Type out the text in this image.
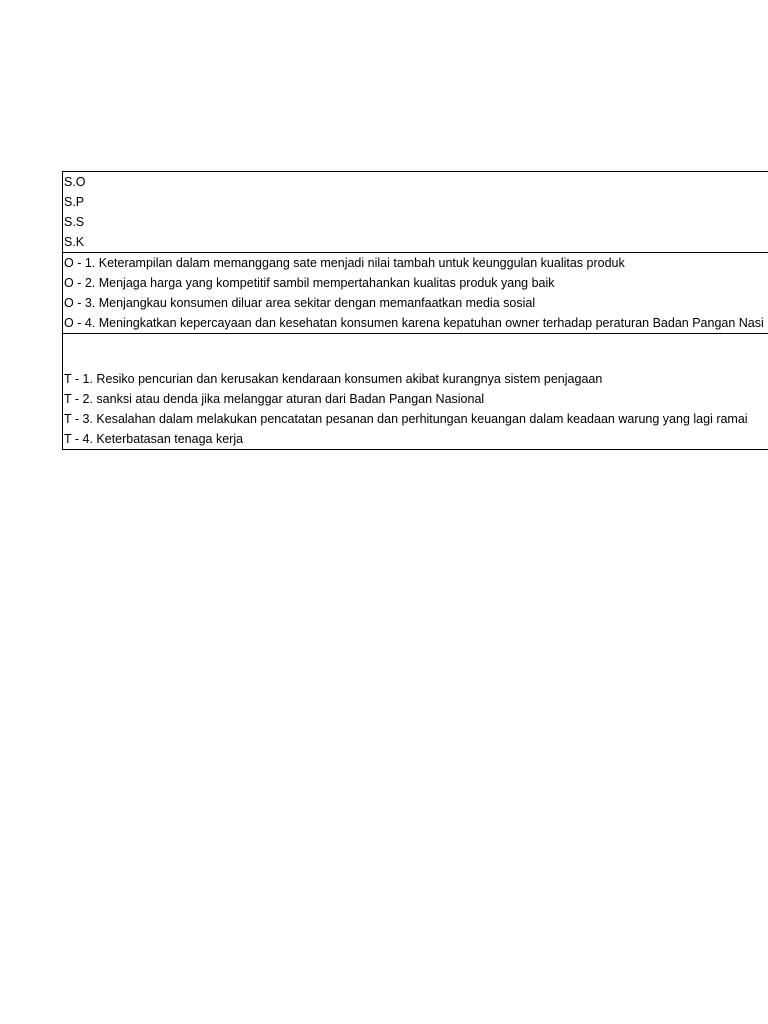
S.O
S.P
S.S
S.K
O - 1. Keterampilan dalam memanggang sate menjadi nilai tambah untuk keunggulan kualitas produk
O - 2. Menjaga harga yang kompetitif sambil mempertahankan kualitas produk yang baik
O - 3. Menjangkau konsumen diluar area sekitar dengan memanfaatkan media sosial
O - 4. Meningkatkan kepercayaan dan kesehatan konsumen karena kepatuhan owner terhadap peraturan Badan Pangan Nasi
T - 1. Resiko pencurian dan kerusakan kendaraan konsumen akibat kurangnya sistem penjagaan
T - 2. sanksi atau denda jika melanggar aturan dari Badan Pangan Nasional
T - 3. Kesalahan dalam melakukan pencatatan pesanan dan perhitungan keuangan dalam keadaan warung yang lagi ramai
T - 4. Keterbatasan tenaga kerja
